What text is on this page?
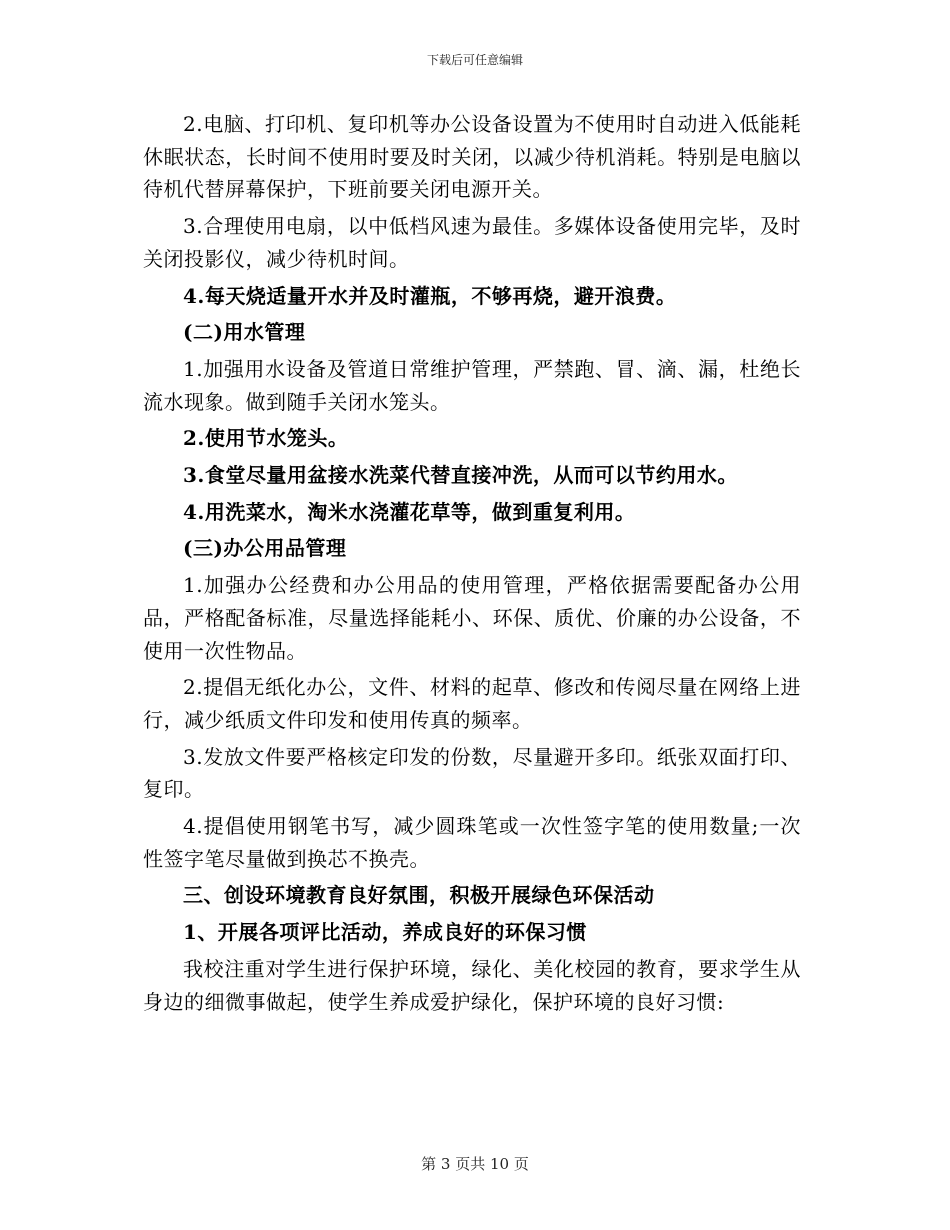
下载后可任意编辑

2.电脑、打印机、复印机等办公设备设置为不使用时自动进入低能耗休眠状态，长时间不使用时要及时关闭，以减少待机消耗。特别是电脑以待机代替屏幕保护，下班前要关闭电源开关。

3.合理使用电扇，以中低档风速为最佳。多媒体设备使用完毕，及时关闭投影仪，减少待机时间。

4.每天烧适量开水并及时灌瓶，不够再烧，避开浪费。

(二)用水管理

1.加强用水设备及管道日常维护管理，严禁跑、冒、滴、漏，杜绝长流水现象。做到随手关闭水笼头。

2.使用节水笼头。

3.食堂尽量用盆接水洗菜代替直接冲洗，从而可以节约用水。

4.用洗菜水，淘米水浇灌花草等，做到重复利用。

(三)办公用品管理

1.加强办公经费和办公用品的使用管理，严格依据需要配备办公用品，严格配备标准，尽量选择能耗小、环保、质优、价廉的办公设备，不使用一次性物品。

2.提倡无纸化办公，文件、材料的起草、修改和传阅尽量在网络上进行，减少纸质文件印发和使用传真的频率。

3.发放文件要严格核定印发的份数，尽量避开多印。纸张双面打印、复印。

4.提倡使用钢笔书写，减少圆珠笔或一次性签字笔的使用数量;一次性签字笔尽量做到换芯不换壳。

三、创设环境教育良好氛围，积极开展绿色环保活动

1、开展各项评比活动，养成良好的环保习惯

我校注重对学生进行保护环境，绿化、美化校园的教育，要求学生从身边的细微事做起，使学生养成爱护绿化，保护环境的良好习惯:

第 3 页共 10 页
